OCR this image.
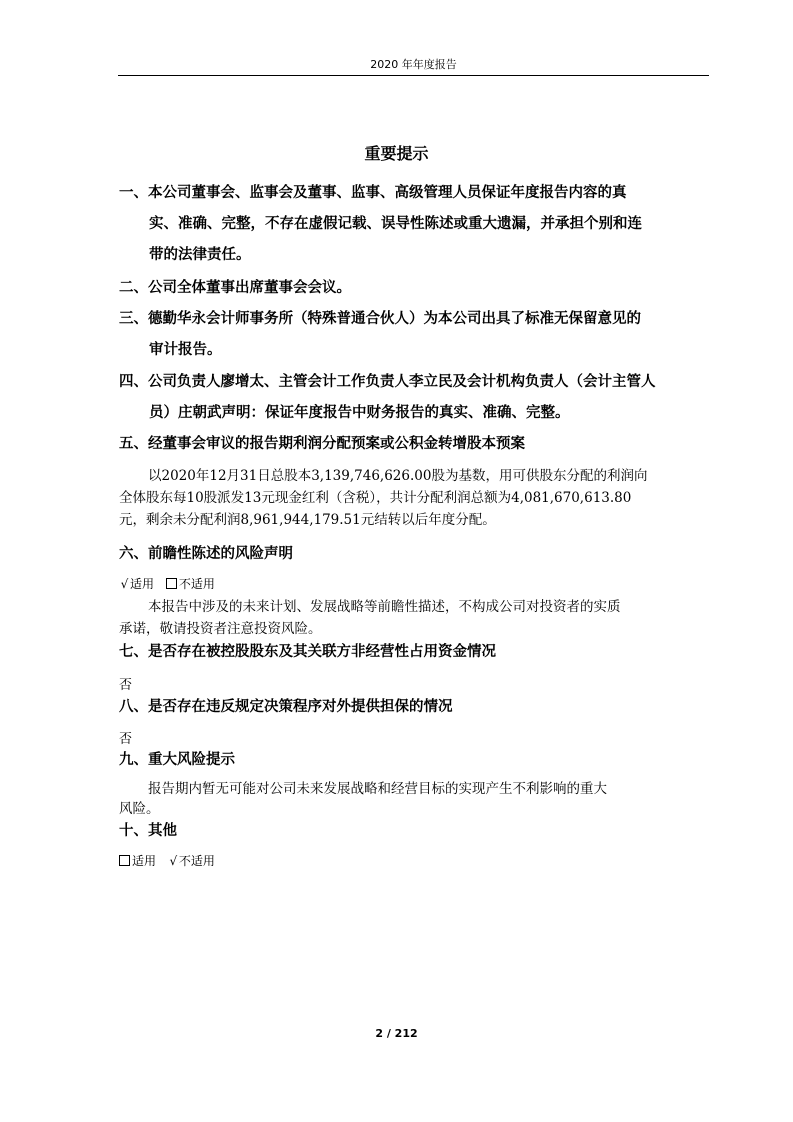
2020 年年度报告
重要提示
一、本公司董事会、监事会及董事、监事、高级管理人员保证年度报告内容的真
实、准确、完整，不存在虚假记载、误导性陈述或重大遗漏，并承担个别和连
带的法律责任。
二、公司全体董事出席董事会会议。
三、德勤华永会计师事务所（特殊普通合伙人）为本公司出具了标准无保留意见的
审计报告。
四、公司负责人廖增太、主管会计工作负责人李立民及会计机构负责人（会计主管人
员）庄朝武声明：保证年度报告中财务报告的真实、准确、完整。
五、经董事会审议的报告期利润分配预案或公积金转增股本预案
以2020年12月31日总股本3,139,746,626.00股为基数，用可供股东分配的利润向
全体股东每10股派发13元现金红利（含税），共计分配利润总额为4,081,670,613.80
元，剩余未分配利润8,961,944,179.51元结转以后年度分配。
六、前瞻性陈述的风险声明
√ 适用 不适用
本报告中涉及的未来计划、发展战略等前瞻性描述，不构成公司对投资者的实质
承诺，敬请投资者注意投资风险。
七、是否存在被控股股东及其关联方非经营性占用资金情况
否
八、是否存在违反规定决策程序对外提供担保的情况
否
九、重大风险提示
报告期内暂无可能对公司未来发展战略和经营目标的实现产生不利影响的重大
风险。
十、其他
适用 √ 不适用
2 / 212
